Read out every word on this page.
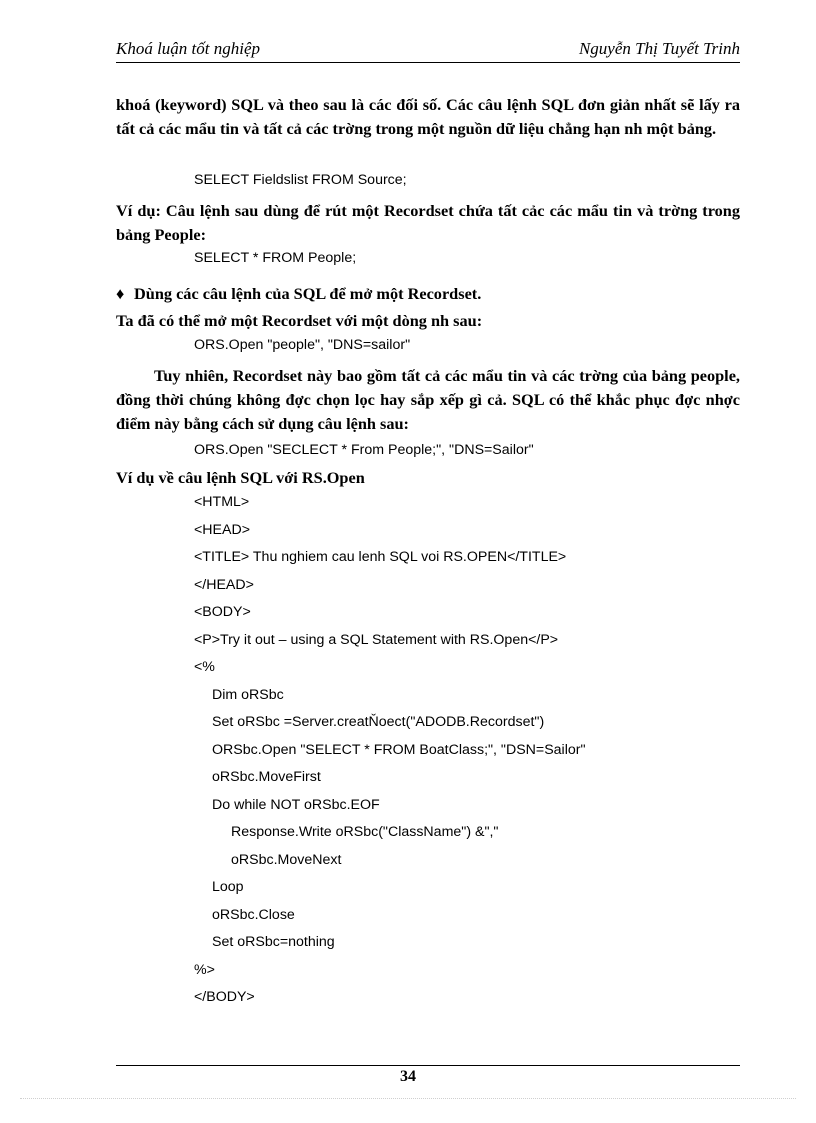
Khoá luận tốt nghiệp	Nguyễn Thị Tuyết Trinh
khoá (keyword) SQL và theo sau là các đối số. Các câu lệnh SQL đơn giản nhất sẽ lấy ra tất cả các mẩu tin và tất cả các trờng trong một nguồn dữ liệu chẳng hạn nh một bảng.
SELECT Fieldslist FROM Source;
Ví dụ: Câu lệnh sau dùng để rút một Recordset chứa tất cảc các mẩu tin và trờng trong bảng People:
SELECT * FROM People;
♦ Dùng các câu lệnh của SQL để mở một Recordset.
Ta đã có thể mở một Recordset với một dòng nh sau:
ORS.Open "people", "DNS=sailor"
Tuy nhiên, Recordset này bao gồm tất cả các mẩu tin và các trờng của bảng people, đồng thời chúng không đợc chọn lọc hay sắp xếp gì cả. SQL có thể khắc phục đợc nhợc điểm này bằng cách sử dụng câu lệnh sau:
ORS.Open "SECLECT * From People;", "DNS=Sailor"
Ví dụ về câu lệnh SQL với RS.Open
<HTML>
<HEAD>
<TITLE> Thu nghiem cau lenh SQL voi RS.OPEN</TITLE>
</HEAD>
<BODY>
<P>Try it out – using a SQL Statement with RS.Open</P>
<%
Dim oRSbc
Set oRSbc =Server.creatŇoect("ADODB.Recordset")
ORSbc.Open "SELECT * FROM BoatClass;", "DSN=Sailor"
oRSbc.MoveFirst
Do while NOT oRSbc.EOF
Response.Write oRSbc("ClassName") &","
oRSbc.MoveNext
Loop
oRSbc.Close
Set oRSbc=nothing
%>
</BODY>
34
